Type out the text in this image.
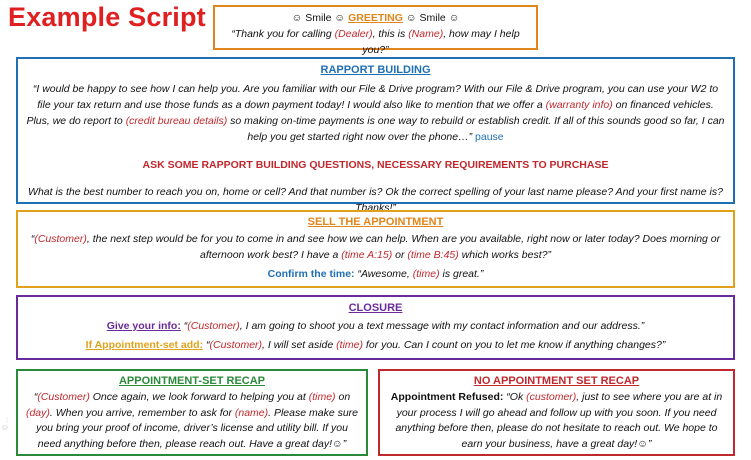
Example Script	☺ Smile ☺ GREETING ☺ Smile ☺

“Thank you for calling (Dealer), this is (Name), how may I help you?”

RAPPORT BUILDING

“I would be happy to see how I can help you. Are you familiar with our File & Drive program? With our File & Drive program, you can use your W2 to file your tax return and use those funds as a down payment today! I would also like to mention that we offer a (warranty info) on financed vehicles. Plus, we do report to (credit bureau details) so making on-time payments is one way to rebuild or establish credit. If all of this sounds good so far, I can help you get started right now over the phone…” pause

ASK SOME RAPPORT BUILDING QUESTIONS, NECESSARY REQUIREMENTS TO PURCHASE

What is the best number to reach you on, home or cell? And that number is? Ok the correct spelling of your last name please? And your first name is? Thanks!”

SELL THE APPOINTMENT

“(Customer), the next step would be for you to come in and see how we can help. When are you available, right now or later today? Does morning or afternoon work best? I have a (time A:15) or (time B:45) which works best?”

Confirm the time: “Awesome, (time) is great.”

CLOSURE

Give your info: “(Customer), I am going to shoot you a text message with my contact information and our address.”

If Appointment-set add: “(Customer), I will set aside (time) for you. Can I count on you to let me know if anything changes?”

APPOINTMENT-SET RECAP

“(Customer) Once again, we look forward to helping you at (time) on (day). When you arrive, remember to ask for (name). Please make sure you bring your proof of income, driver’s license and utility bill. If you need anything before then, please reach out. Have a great day!☺”

NO APPOINTMENT SET RECAP

Appointment Refused: “Ok (customer), just to see where you are at in your process I will go ahead and follow up with you soon. If you need anything before then, please do not hesitate to reach out. We hope to earn your business, have a great day!☺”

© ...
